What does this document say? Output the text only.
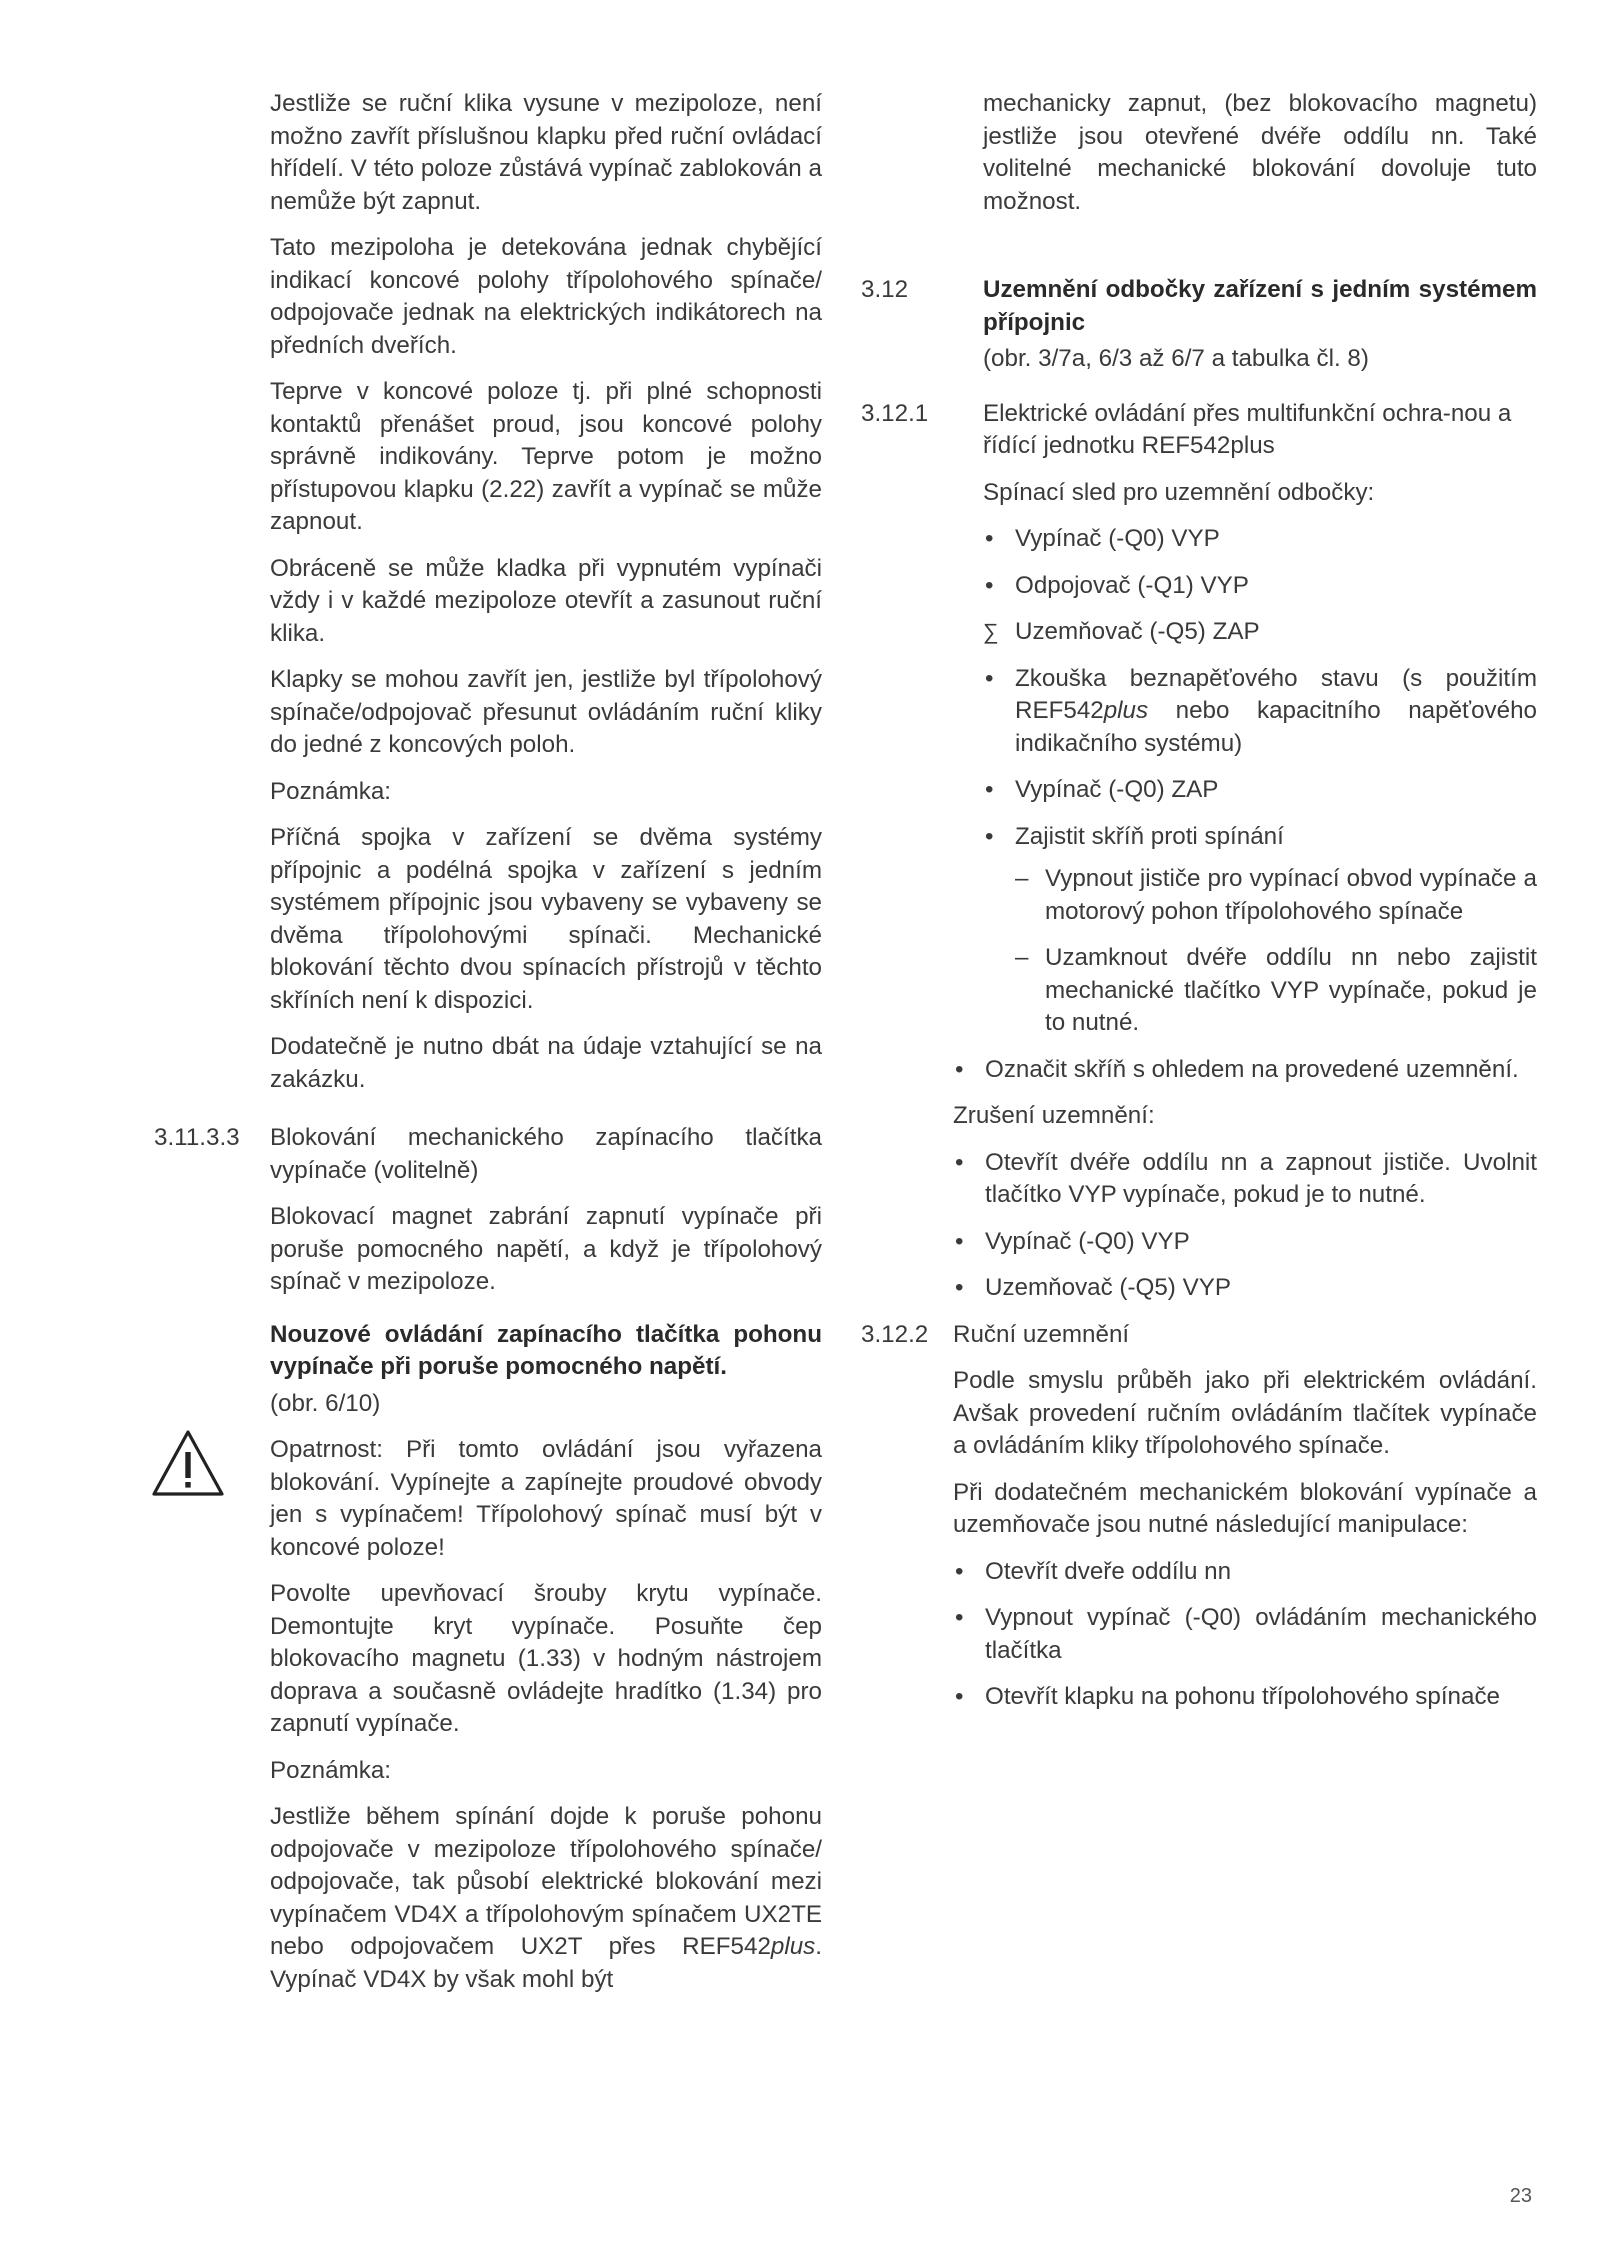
Jestliže se ruční klika vysune v mezipoloze, není možno zavřít příslušnou klapku před ruční ovládací hřídelí. V této poloze zůstává vypínač zablokován a nemůže být zapnut.

Tato mezipoloha je detekována jednak chybějící indikací koncové polohy třípolohového spínače/ odpojovače jednak na elektrických indikátorech na předních dveřích.

Teprve v koncové poloze tj. při plné schopnosti kontaktů přenášet proud, jsou koncové polohy správně indikovány. Teprve potom je možno přístupovou klapku (2.22) zavřít a vypínač se může zapnout.

Obráceně se může kladka při vypnutém vypínači vždy i v každé mezipoloze otevřít a zasunout ruční klika.

Klapky se mohou zavřít jen, jestliže byl třípolohový spínače/odpojovač přesunut ovládáním ruční kliky do jedné z koncových poloh.

Poznámka:

Příčná spojka v zařízení se dvěma systémy přípojnic a podélná spojka v zařízení s jedním systémem přípojnic jsou vybaveny se vybaveny se dvěma třípolohovými spínači. Mechanické blokování těchto dvou spínacích přístrojů v těchto skříních není k dispozici.

Dodatečně je nutno dbát na údaje vztahující se na zakázku.

3.11.3.3 Blokování mechanického zapínacího tlačítka vypínače (volitelně)

Blokovací magnet zabrání zapnutí vypínače při poruše pomocného napětí, a když je třípolohový spínač v mezipoloze.

Nouzové ovládání zapínacího tlačítka pohonu vypínače při poruše pomocného napětí.

(obr. 6/10)

Opatrnost: Při tomto ovládání jsou vyřazena blokování. Vypínejte a zapínejte proudové obvody jen s vypínačem! Třípolohový spínač musí být v koncové poloze!

Povolte upevňovací šrouby krytu vypínače. Demontujte kryt vypínače. Posuňte čep blokovacího magnetu (1.33) v hodným nástrojem doprava a současně ovládejte hradítko (1.34) pro zapnutí vypínače.

Poznámka:

Jestliže během spínání dojde k poruše pohonu odpojovače v mezipoloze třípolohového spínače/ odpojovače, tak působí elektrické blokování mezi vypínačem VD4X a třípolohovým spínačem UX2TE nebo odpojovačem UX2T přes REF542plus. Vypínač VD4X by však mohl být

mechanicky zapnut, (bez blokovacího magnetu) jestliže jsou otevřené dvéře oddílu nn. Také volitelné mechanické blokování dovoluje tuto možnost.

3.12	Uzemnění odbočky zařízení s jedním systémem přípojnic

(obr. 3/7a, 6/3 až 6/7 a tabulka čl. 8)

3.12.1 Elektrické ovládání přes multifunkční ochra-nou a řídící jednotku REF542plus

Spínací sled pro uzemnění odbočky:

• Vypínač (-Q0) VYP
• Odpojovač (-Q1) VYP
∑ Uzemňovač (-Q5) ZAP
• Zkouška beznapěťového stavu (s použitím REF542plus nebo kapacitního napěťového indikačního systému)
• Vypínač (-Q0) ZAP
• Zajistit skříň proti spínání
– Vypnout jističe pro vypínací obvod vypínače a motorový pohon třípolohového spínače
– Uzamknout dvéře oddílu nn nebo zajistit mechanické tlačítko VYP vypínače, pokud je to nutné.
• Označit skříň s ohledem na provedené uzemnění.

Zrušení uzemnění:

• Otevřít dvéře oddílu nn a zapnout jističe. Uvolnit tlačítko VYP vypínače, pokud je to nutné.
• Vypínač (-Q0) VYP
• Uzemňovač (-Q5) VYP
3.12.2 Ruční uzemnění

Podle smyslu průběh jako při elektrickém ovládání. Avšak provedení ručním ovládáním tlačítek vypínače a ovládáním kliky třípolohového spínače.

Při dodatečném mechanickém blokování vypínače a uzemňovače jsou nutné následující manipulace:

• Otevřít dveře oddílu nn
• Vypnout vypínač (-Q0) ovládáním mechanického tlačítka
• Otevřít klapku na pohonu třípolohového spínače
23
